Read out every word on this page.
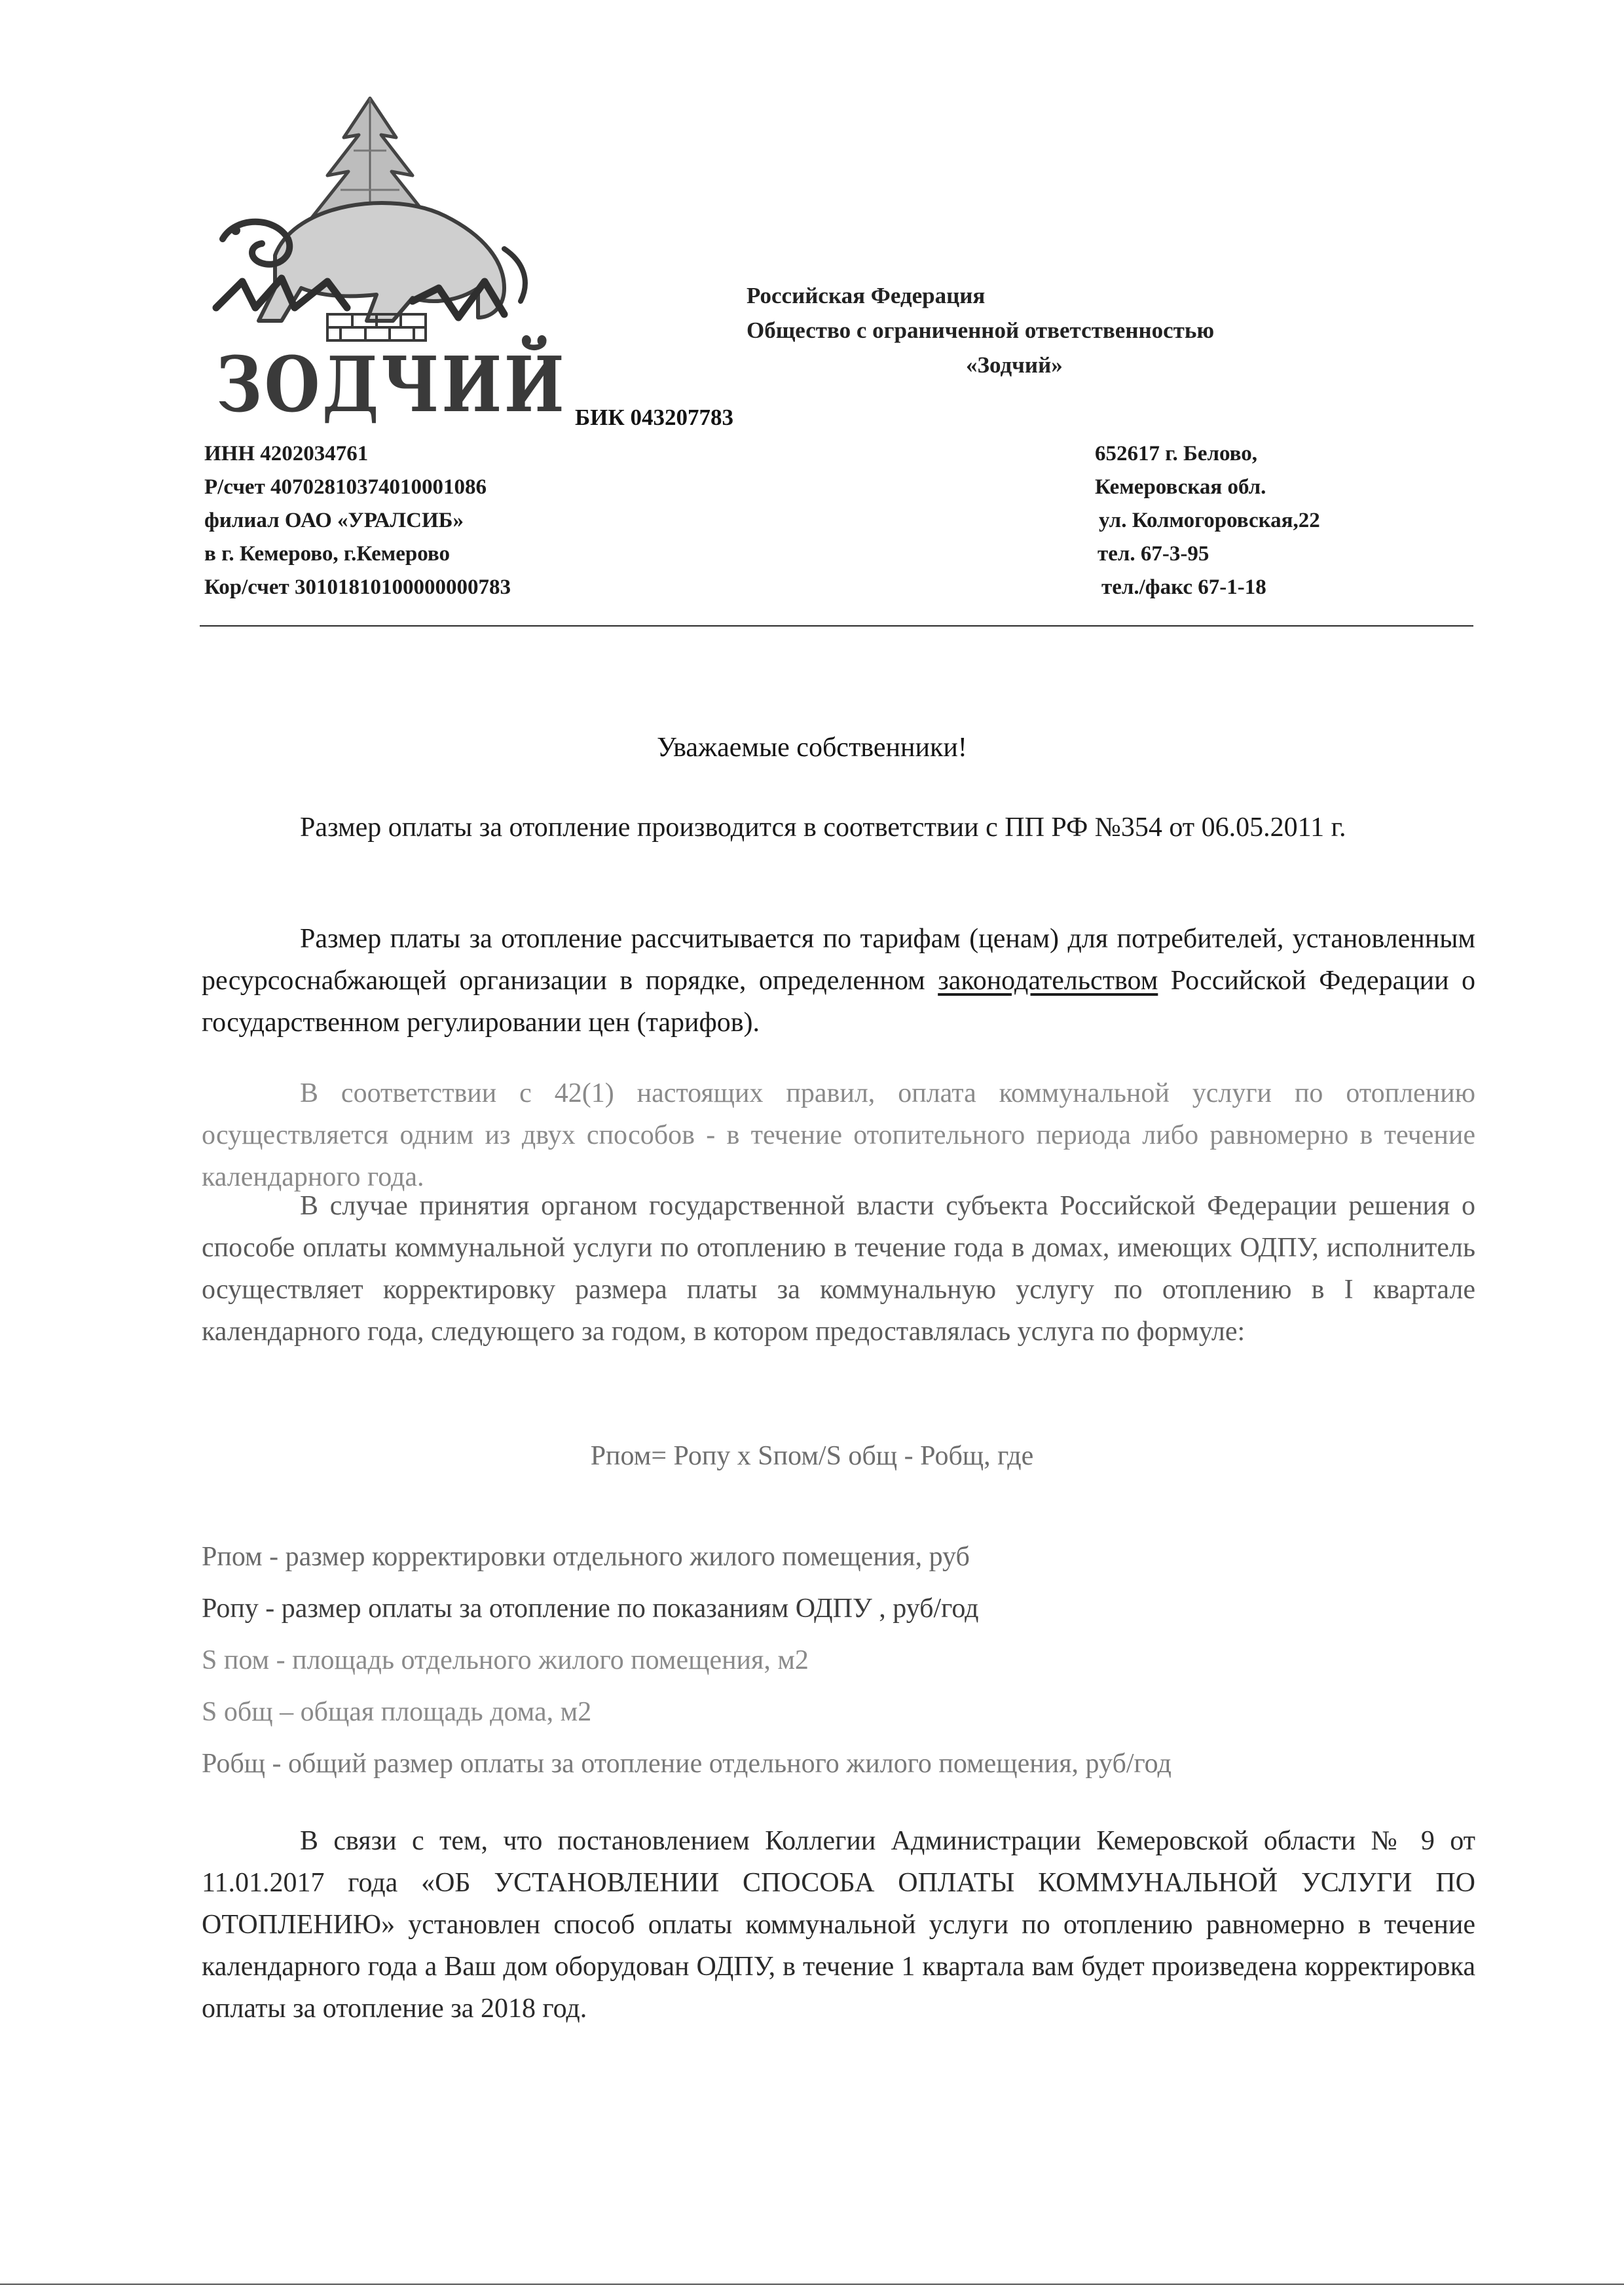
ЗОДЧИЙ
Российская Федерация
Общество с ограниченной ответственностью
«Зодчий»
БИК 043207783
ИНН 4202034761
Р/счет 40702810374010001086
филиал ОАО «УРАЛСИБ»
в г. Кемерово, г.Кемерово
Кор/счет 30101810100000000783
652617 г. Белово,
Кемеровская обл.
ул. Колмогоровская,22
тел. 67-3-95
тел./факс 67-1-18
Уважаемые собственники!
Размер оплаты за отопление производится в соответствии с ПП РФ №354 от 06.05.2011 г.
Размер платы за отопление рассчитывается по тарифам (ценам) для потребителей, установленным ресурсоснабжающей организации в порядке, определенном законодательством Российской Федерации о государственном регулировании цен (тарифов).
В соответствии с 42(1) настоящих правил, оплата коммунальной услуги по отоплению осуществляется одним из двух способов - в течение отопительного периода либо равномерно в течение календарного года.
В случае принятия органом государственной власти субъекта Российской Федерации решения о способе оплаты коммунальной услуги по отоплению в течение года в домах, имеющих ОДПУ, исполнитель осуществляет корректировку размера платы за коммунальную услугу по отоплению в I квартале календарного года, следующего за годом, в котором предоставлялась услуга по формуле:
Рпом= Ропу х Sпом/S общ - Робщ, где
Рпом - размер корректировки отдельного жилого помещения, руб
Ропу - размер оплаты за отопление по показаниям ОДПУ , руб/год
S пом - площадь отдельного жилого помещения, м2
S общ – общая площадь дома, м2
Робщ - общий размер оплаты за отопление отдельного жилого помещения, руб/год
В связи с тем, что постановлением Коллегии Администрации Кемеровской области № 9 от 11.01.2017 года «ОБ УСТАНОВЛЕНИИ СПОСОБА ОПЛАТЫ КОММУНАЛЬНОЙ УСЛУГИ ПО ОТОПЛЕНИЮ» установлен способ оплаты коммунальной услуги по отоплению равномерно в течение календарного года а Ваш дом оборудован ОДПУ, в течение 1 квартала вам будет произведена корректировка оплаты за отопление за 2018 год.
